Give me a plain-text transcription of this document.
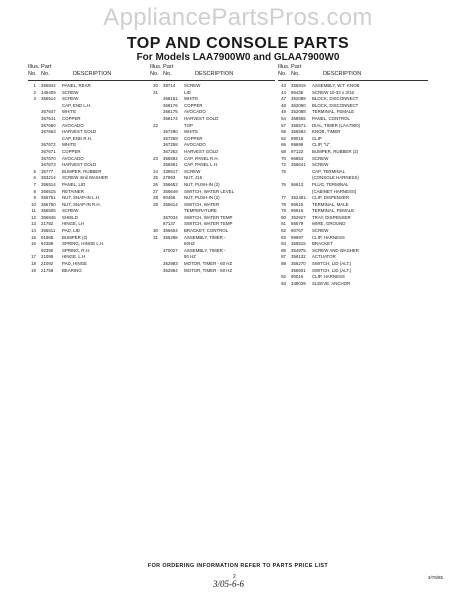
AppliancePartsPros.com
TOP AND CONSOLE PARTS
For Models LAA7900W0 and GLAA7900W0
Illus. Part
No. No.	DESCRIPTION
1 356842 PANEL, REAR
2 345409 SCREW
3 356514 SCREW
CAP, END L.H.
367647 WHITE
367641 COPPER
367660 AVOCADO
367663 HARVEST GOLD
CAP, END R.H.
367672 WHITE
367671 COPPER
367670 AVOCADO
367673 HARVEST GOLD
5 35777 BUMPER, RUBBER
6 353214 SCREW 4mil WASHER
7 356514 PANEL, LID
8 356515 RETAINER
9 356751 NUT, SNAP-IN L.H.
10 356750 NUT, SNAP-IN R.H.
11 356505 SCREW
12 356846 SHIELD
13 21782 HINGE, LH
14 355511 PAD, LID
15 91865 BUMPER (2)
16 92389 SPRING, HINGE L.H.
92390 SPRING, R.H.
17 21098 HINGE, L.H.
18 21092 PAD, HINGE
19 21758 BEARING
Illus. Part
No. No.	DESCRIPTION
20 38714 SCREW
21	LID
368151 WHITE
368176 COPPER
368175 AVOCADO
368174 HARVEST GOLD
22	TOP
367290 WHITE
367259 COPPER
367258 AVOCADO
367262 HARVEST GOLD
23 356592 CAP, PANEL R.H.
356591 CAP, PANEL L.H.
24 339517 SCREW
25 27993 NUT, J15
26 356652 NUT, PUSH-IN (2)
27 356649 SWITCH, WATER LEVEL
28 90466 NUT, PUSH-IN (2)
29 356614 SWITCH, WATER
TEMPERATURE
367034 SWITCH, WATER TEMP
87137 SWITCH, WATER TEMP
30 356604 BRACKET, CONTROL
31 355286 ASSEMBLY, TIMER -
60HZ
370027 ASSEMBLY, TIMER -
50 HZ
362983 MOTOR, TIMER - 60 HZ
362984 MOTOR, TIMER - 50 HZ
Illus. Part
No. No.	DESCRIPTION
43 356919 ASSEMBLY, W.T. KNOB
44 96435 SCREW 10-32 x 3/16
47 352089 BLOCK, DISCONNECT
48 352090 BLOCK, DISCONNECT
49 352088 TERMINAL, FEMALE
54 369565 PANEL, CONTROL
57 356571 DIAL, TIMER (LAA7900)
58 356592 KNOB, TIMER
62 99015 CLIP
66 99699 CLIP, "U"
68 97122 BUMPER, RUBBER (2)
70 96854 SCREW
72 356641 SCREW
75	CAP, TERMINAL
(CONSOLE HARNESS)
76 96613 PLUG, TERMINAL
(CABINET HARNESS)
77 352481 CLIP, DISPENSER
78 96615 TERMINAL, MALE
79 96516 TERMINAL, FEMALE
80 352927 TRAY, DISPENSER
81 56579 WIRE, GROUND
82 90767 SCREW
83 99997 CLIP, HARNESS
84 355515 BRACKET
86 354975 SCREW AND WASHER
87 356132 ACTUATOR
88 356270 SWITCH, LID (ALT.)
356601 SWITCH, LID (ALT.)
92 90016 CLIP, HARNESS
93 349039 SLEEVE, ANCHOR
FOR ORDERING INFORMATION REFER TO PARTS PRICE LIST
2
3/05-6-6
3/78/85
